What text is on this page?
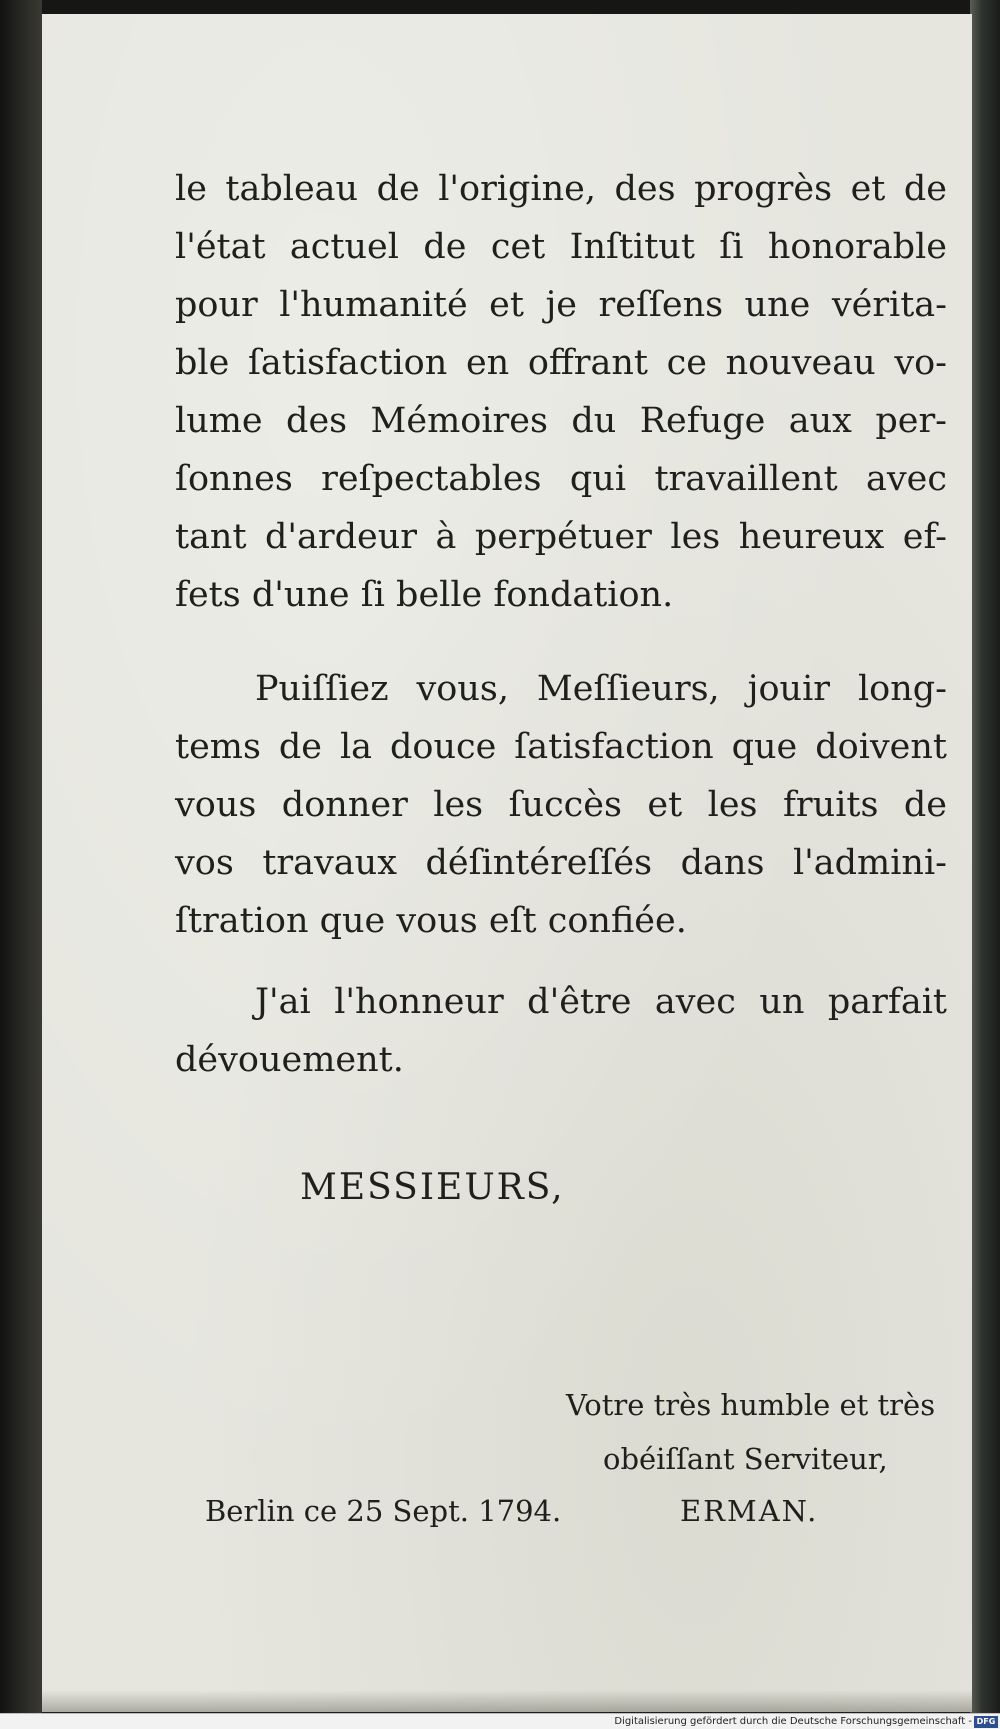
le tableau de l'origine, des progrès et de
l'état actuel de cet Inſtitut ſi honorable
pour l'humanité et je reſſens une vérita-
ble ſatisfaction en offrant ce nouveau vo-
lume des Mémoires du Refuge aux per-
ſonnes reſpectables qui travaillent avec
tant d'ardeur à perpétuer les heureux ef-
fets d'une ſi belle fondation.
Puiſſiez vous, Meſſieurs, jouir long-
tems de la douce ſatisfaction que doivent
vous donner les ſuccès et les fruits de
vos travaux déſintéreſſés dans l'admini-
ſtration que vous eſt confiée.
J'ai l'honneur d'être avec un parfait
dévouement.
MESSIEURS,
Votre très humble et très
obéiſſant Serviteur,
Berlin ce 25 Sept. 1794.	ERMAN.
Digitalisierung gefördert durch die Deutsche Forschungsgemeinschaft - DFG
